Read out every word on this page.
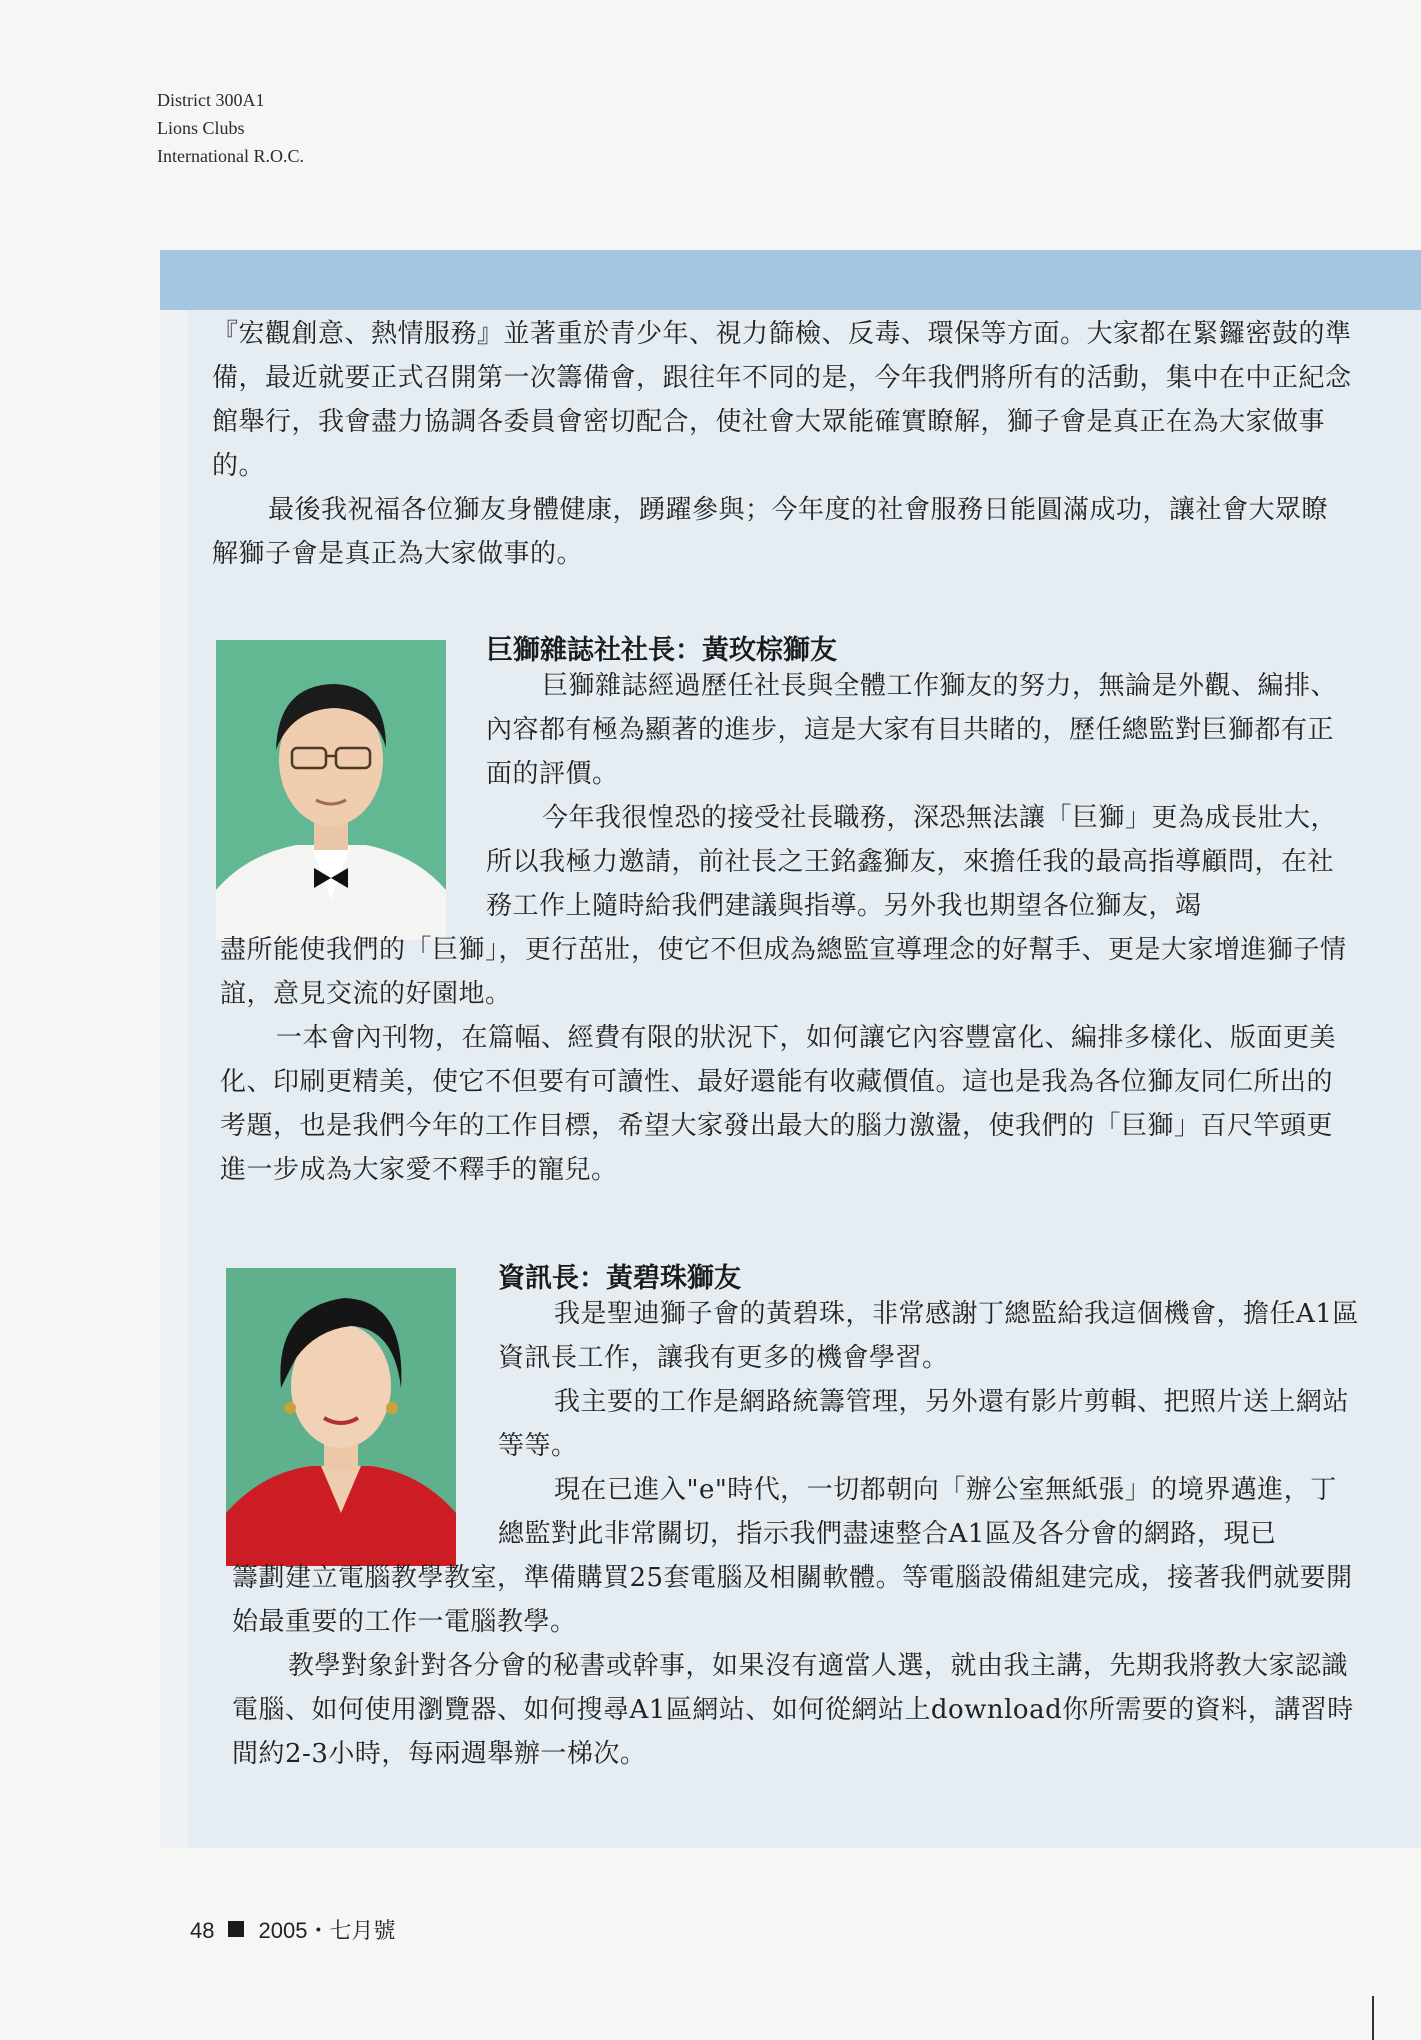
District 300A1
Lions Clubs
International R.O.C.

『宏觀創意、熱情服務』並著重於青少年、視力篩檢、反毒、環保等方面。大家都在緊鑼密鼓的準備，最近就要正式召開第一次籌備會，跟往年不同的是，今年我們將所有的活動，集中在中正紀念館舉行，我會盡力協調各委員會密切配合，使社會大眾能確實瞭解，獅子會是真正在為大家做事的。

最後我祝福各位獅友身體健康，踴躍參與；今年度的社會服務日能圓滿成功，讓社會大眾瞭解獅子會是真正為大家做事的。

巨獅雜誌社社長：黃玫棕獅友

巨獅雜誌經過歷任社長與全體工作獅友的努力，無論是外觀、編排、內容都有極為顯著的進步，這是大家有目共睹的，歷任總監對巨獅都有正面的評價。

今年我很惶恐的接受社長職務，深恐無法讓「巨獅」更為成長壯大，所以我極力邀請，前社長之王銘鑫獅友，來擔任我的最高指導顧問，在社務工作上隨時給我們建議與指導。另外我也期望各位獅友，竭

盡所能使我們的「巨獅」，更行茁壯，使它不但成為總監宣導理念的好幫手、更是大家增進獅子情誼，意見交流的好園地。

一本會內刊物，在篇幅、經費有限的狀況下，如何讓它內容豐富化、編排多樣化、版面更美化、印刷更精美，使它不但要有可讀性、最好還能有收藏價值。這也是我為各位獅友同仁所出的考題，也是我們今年的工作目標，希望大家發出最大的腦力激盪，使我們的「巨獅」百尺竿頭更進一步成為大家愛不釋手的寵兒。

資訊長：黃碧珠獅友

我是聖迪獅子會的黃碧珠，非常感謝丁總監給我這個機會，擔任A1區資訊長工作，讓我有更多的機會學習。

我主要的工作是網路統籌管理，另外還有影片剪輯、把照片送上網站等等。

現在已進入"e"時代，一切都朝向「辦公室無紙張」的境界邁進，丁總監對此非常關切，指示我們盡速整合A1區及各分會的網路，現已

籌劃建立電腦教學教室，準備購買25套電腦及相關軟體。等電腦設備組建完成，接著我們就要開始最重要的工作一電腦教學。

教學對象針對各分會的秘書或幹事，如果沒有適當人選，就由我主講，先期我將教大家認識電腦、如何使用瀏覽器、如何搜尋A1區網站、如何從網站上download你所需要的資料，講習時間約2-3小時，每兩週舉辦一梯次。

48 2005・七月號
